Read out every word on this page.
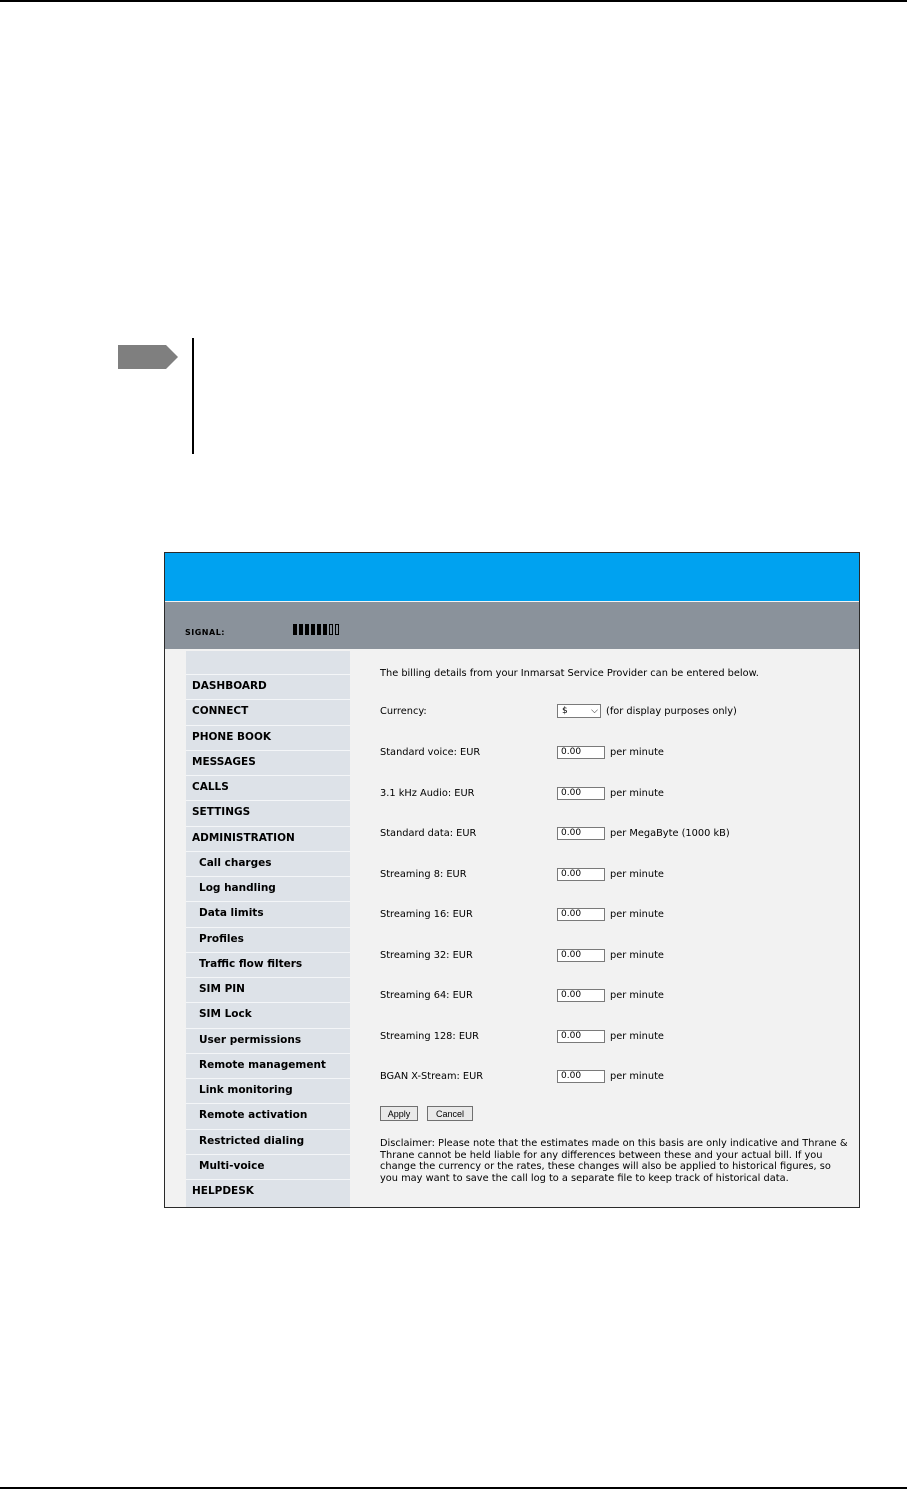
SIGNAL:
DASHBOARD
CONNECT
PHONE BOOK
MESSAGES
CALLS
SETTINGS
ADMINISTRATION
Call charges
Log handling
Data limits
Profiles
Traffic flow filters
SIM PIN
SIM Lock
User permissions
Remote management
Link monitoring
Remote activation
Restricted dialing
Multi-voice
HELPDESK
The billing details from your Inmarsat Service Provider can be entered below.
Currency:	$	⌵ (for display purposes only)
Apply	Cancel
Disclaimer: Please note that the estimates made on this basis are only indicative and Thrane & Thrane cannot be held liable for any differences between these and your actual bill. If you change the currency or the rates, these changes will also be applied to historical figures, so you may want to save the call log to a separate file to keep track of historical data.
Standard voice: EUR	0.00	per minute
3.1 kHz Audio: EUR	0.00	per minute
Standard data: EUR	0.00	per MegaByte (1000 kB)
Streaming 8: EUR	0.00	per minute
Streaming 16: EUR	0.00	per minute
Streaming 32: EUR	0.00	per minute
Streaming 64: EUR	0.00	per minute
Streaming 128: EUR	0.00	per minute
BGAN X-Stream: EUR	0.00	per minute
